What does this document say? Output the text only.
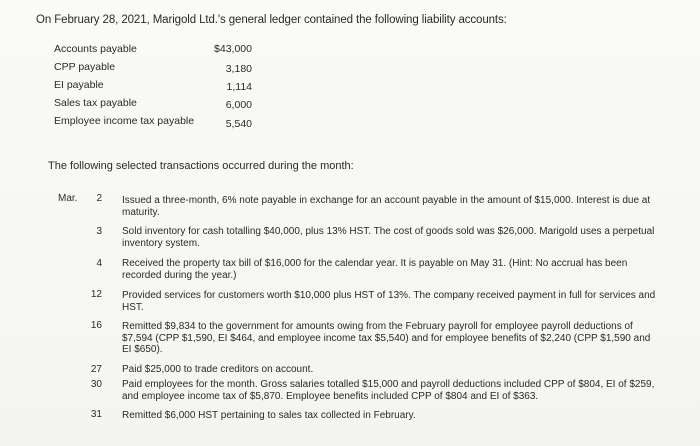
On February 28, 2021, Marigold Ltd.'s general ledger contained the following liability accounts:
Accounts payable	$43,000
CPP payable	3,180
EI payable	1,114
Sales tax payable	6,000
Employee income tax payable	5,540
The following selected transactions occurred during the month:
Mar.	2 Issued a three-month, 6% note payable in exchange for an account payable in the amount of $15,000. Interest is due at maturity.
3 Sold inventory for cash totalling $40,000, plus 13% HST. The cost of goods sold was $26,000. Marigold uses a perpetual inventory system.
4 Received the property tax bill of $16,000 for the calendar year. It is payable on May 31. (Hint: No accrual has been recorded during the year.)
12 Provided services for customers worth $10,000 plus HST of 13%. The company received payment in full for services and HST.
16 Remitted $9,834 to the government for amounts owing from the February payroll for employee payroll deductions of $7,594 (CPP $1,590, EI $464, and employee income tax $5,540) and for employee benefits of $2,240 (CPP $1,590 and EI $650).
27 Paid $25,000 to trade creditors on account.
30 Paid employees for the month. Gross salaries totalled $15,000 and payroll deductions included CPP of $804, EI of $259, and employee income tax of $5,870. Employee benefits included CPP of $804 and EI of $363.
31 Remitted $6,000 HST pertaining to sales tax collected in February.
